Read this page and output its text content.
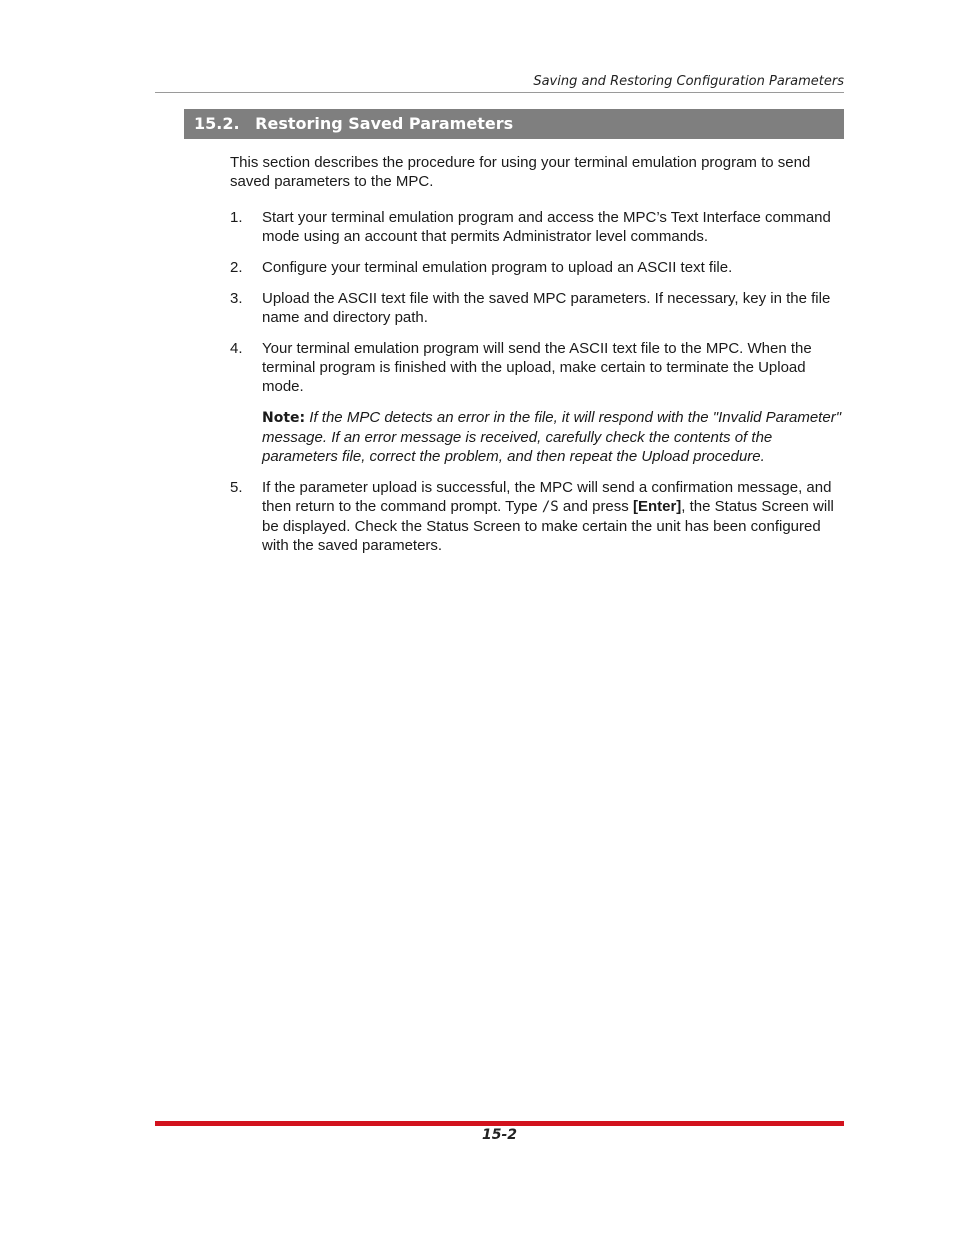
Saving and Restoring Configuration Parameters
15.2. Restoring Saved Parameters

This section describes the procedure for using your terminal emulation program to send saved parameters to the MPC.

1. Start your terminal emulation program and access the MPC’s Text Interface command mode using an account that permits Administrator level commands.
2. Configure your terminal emulation program to upload an ASCII text file.
3. Upload the ASCII text file with the saved MPC parameters. If necessary, key in the file name and directory path.
4. Your terminal emulation program will send the ASCII text file to the MPC. When the terminal program is finished with the upload, make certain to terminate the Upload mode.

Note: If the MPC detects an error in the file, it will respond with the "Invalid Parameter" message. If an error message is received, carefully check the contents of the parameters file, correct the problem, and then repeat the Upload procedure.

5. If the parameter upload is successful, the MPC will send a confirmation message, and then return to the command prompt. Type /S and press [Enter], the Status Screen will be displayed. Check the Status Screen to make certain the unit has been configured with the saved parameters.
15-2
